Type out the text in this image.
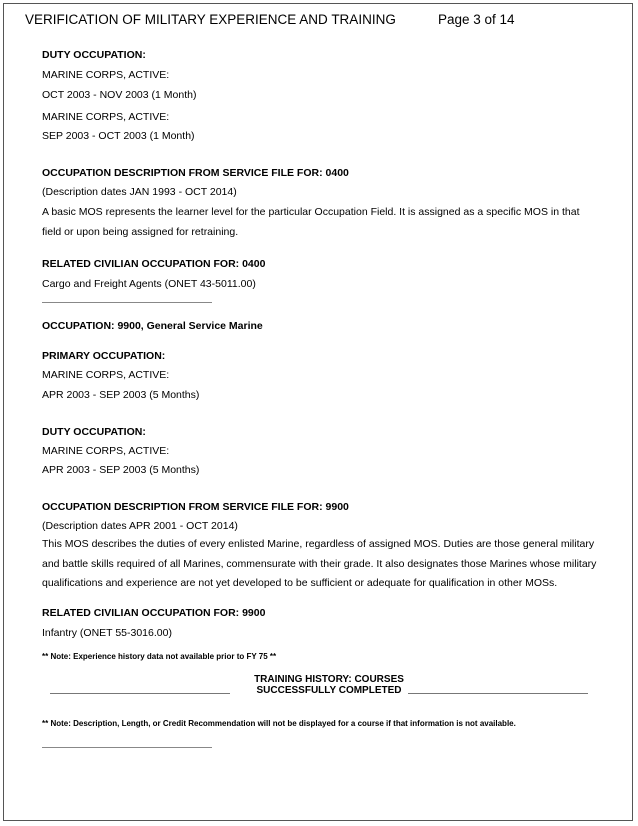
VERIFICATION OF MILITARY EXPERIENCE AND TRAINING	Page 3 of 14
DUTY OCCUPATION:
MARINE CORPS, ACTIVE:
OCT 2003 - NOV 2003 (1 Month)
MARINE CORPS, ACTIVE:
SEP 2003 - OCT 2003 (1 Month)
OCCUPATION DESCRIPTION FROM SERVICE FILE FOR: 0400
(Description dates JAN 1993 - OCT 2014)
A basic MOS represents the learner level for the particular Occupation Field. It is assigned as a specific MOS in that
field or upon being assigned for retraining.
RELATED CIVILIAN OCCUPATION FOR: 0400
Cargo and Freight Agents (ONET 43-5011.00)
OCCUPATION: 9900, General Service Marine
PRIMARY OCCUPATION:
MARINE CORPS, ACTIVE:
APR 2003 - SEP 2003 (5 Months)
DUTY OCCUPATION:
MARINE CORPS, ACTIVE:
APR 2003 - SEP 2003 (5 Months)
OCCUPATION DESCRIPTION FROM SERVICE FILE FOR: 9900
(Description dates APR 2001 - OCT 2014)
This MOS describes the duties of every enlisted Marine, regardless of assigned MOS. Duties are those general military
and battle skills required of all Marines, commensurate with their grade. It also designates those Marines whose military
qualifications and experience are not yet developed to be sufficient or adequate for qualification in other MOSs.
RELATED CIVILIAN OCCUPATION FOR: 9900
Infantry (ONET 55-3016.00)
** Note: Experience history data not available prior to FY 75 **
TRAINING HISTORY: COURSES
SUCCESSFULLY COMPLETED
** Note: Description, Length, or Credit Recommendation will not be displayed for a course if that information is not available.
